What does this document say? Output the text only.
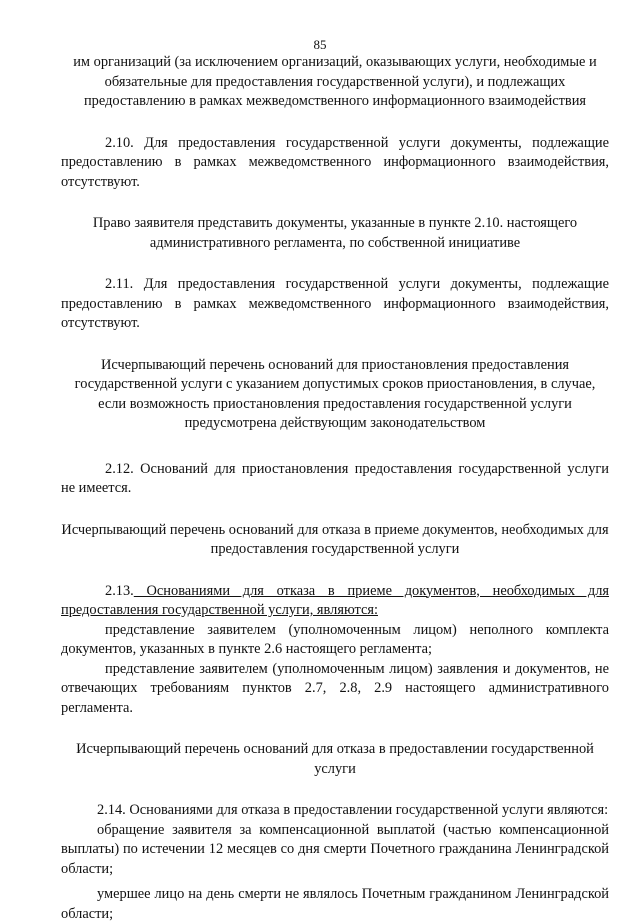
85

им организаций (за исключением организаций, оказывающих услуги, необходимые и обязательные для предоставления государственной услуги), и подлежащих предоставлению в рамках межведомственного информационного взаимодействия

2.10. Для предоставления государственной услуги документы, подлежащие предоставлению в рамках межведомственного информационного взаимодействия, отсутствуют.

Право заявителя представить документы, указанные в пункте 2.10. настоящего административного регламента, по собственной инициативе

2.11. Для предоставления государственной услуги документы, подлежащие предоставлению в рамках межведомственного информационного взаимодействия, отсутствуют.

Исчерпывающий перечень оснований для приостановления предоставления государственной услуги с указанием допустимых сроков приостановления, в случае, если возможность приостановления предоставления государственной услуги предусмотрена действующим законодательством

2.12. Оснований для приостановления предоставления государственной услуги не имеется.

Исчерпывающий перечень оснований для отказа в приеме документов, необходимых для предоставления государственной услуги

2.13. Основаниями для отказа в приеме документов, необходимых для предоставления государственной услуги, являются:

представление заявителем (уполномоченным лицом) неполного комплекта документов, указанных в пункте 2.6 настоящего регламента;

представление заявителем (уполномоченным лицом) заявления и документов, не отвечающих требованиям пунктов 2.7, 2.8, 2.9 настоящего административного регламента.

Исчерпывающий перечень оснований для отказа в предоставлении государственной услуги

2.14. Основаниями для отказа в предоставлении государственной услуги являются:

обращение заявителя за компенсационной выплатой (частью компенсационной выплаты) по истечении 12 месяцев со дня смерти Почетного гражданина Ленинградской области;

умершее лицо на день смерти не являлось Почетным гражданином Ленинградской области;
